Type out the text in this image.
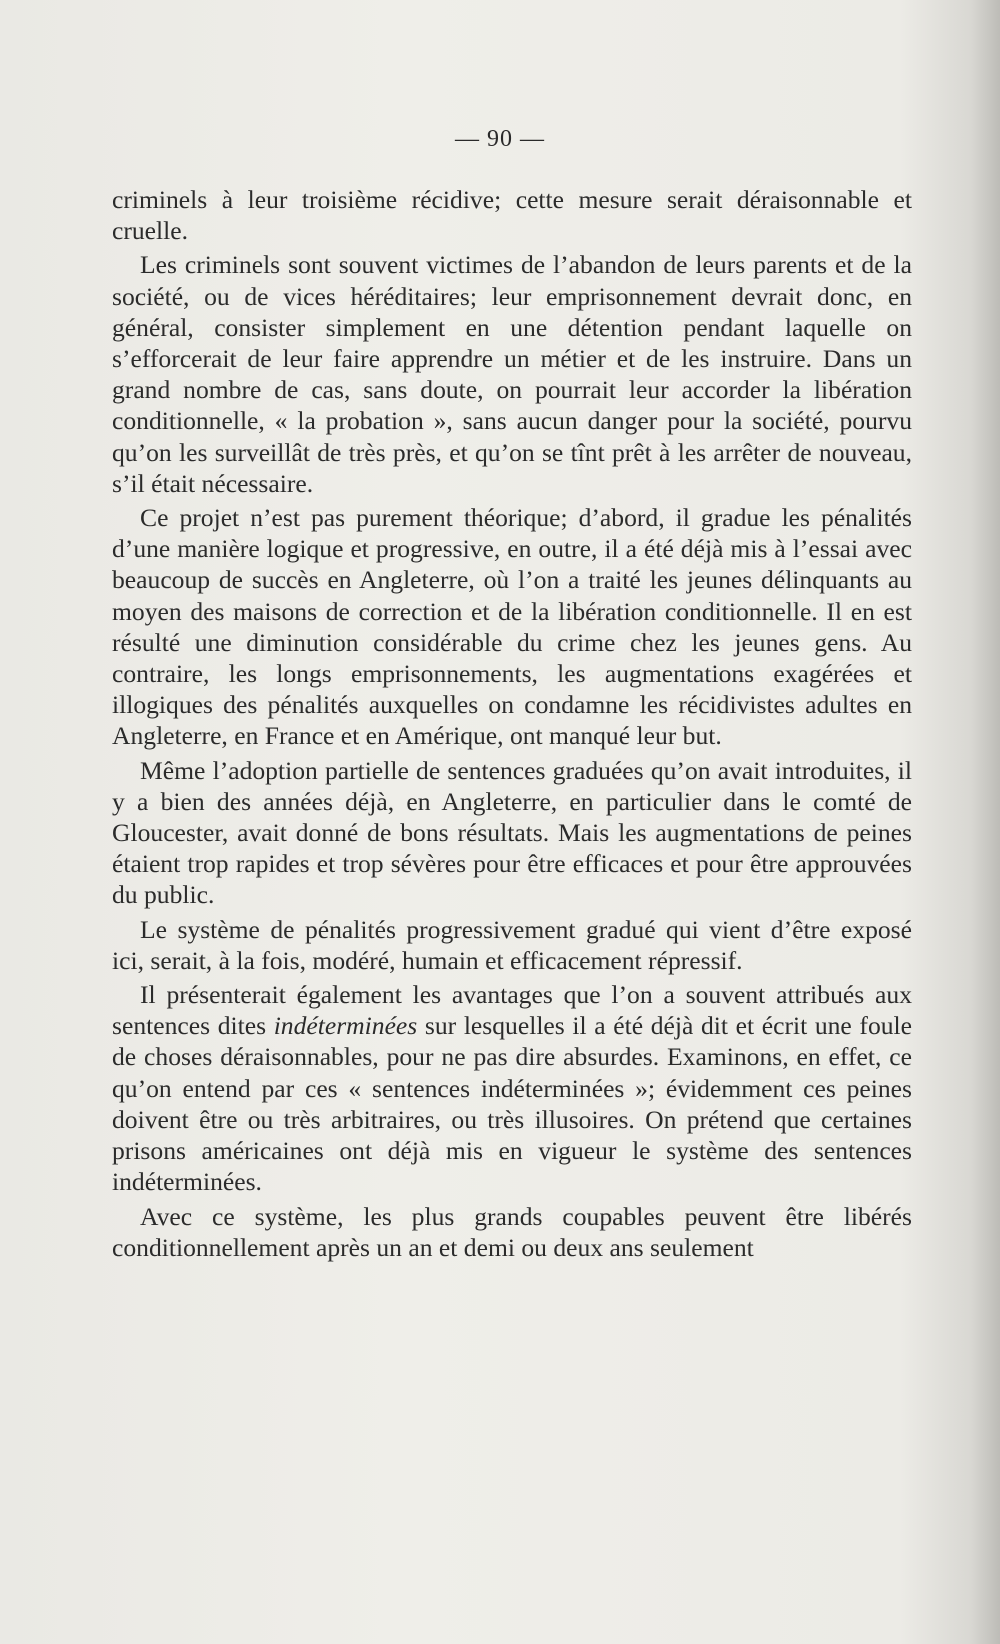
— 90 —

criminels à leur troisième récidive; cette mesure serait déraisonnable et cruelle.

Les criminels sont souvent victimes de l’abandon de leurs parents et de la société, ou de vices héréditaires; leur emprisonnement devrait donc, en général, consister simplement en une détention pendant laquelle on s’efforcerait de leur faire apprendre un métier et de les instruire. Dans un grand nombre de cas, sans doute, on pourrait leur accorder la libération conditionnelle, « la probation », sans aucun danger pour la société, pourvu qu’on les surveillât de très près, et qu’on se tînt prêt à les arrêter de nouveau, s’il était nécessaire.

Ce projet n’est pas purement théorique; d’abord, il gradue les pénalités d’une manière logique et progressive, en outre, il a été déjà mis à l’essai avec beaucoup de succès en Angleterre, où l’on a traité les jeunes délinquants au moyen des maisons de correction et de la libération conditionnelle. Il en est résulté une diminution considérable du crime chez les jeunes gens. Au contraire, les longs emprisonnements, les augmentations exagérées et illogiques des pénalités auxquelles on condamne les récidivistes adultes en Angleterre, en France et en Amérique, ont manqué leur but.

Même l’adoption partielle de sentences graduées qu’on avait introduites, il y a bien des années déjà, en Angleterre, en particulier dans le comté de Gloucester, avait donné de bons résultats. Mais les augmentations de peines étaient trop rapides et trop sévères pour être efficaces et pour être approuvées du public.

Le système de pénalités progressivement gradué qui vient d’être exposé ici, serait, à la fois, modéré, humain et efficacement répressif.

Il présenterait également les avantages que l’on a souvent attribués aux sentences dites indéterminées sur lesquelles il a été déjà dit et écrit une foule de choses déraisonnables, pour ne pas dire absurdes. Examinons, en effet, ce qu’on entend par ces « sentences indéterminées »; évidemment ces peines doivent être ou très arbitraires, ou très illusoires. On prétend que certaines prisons américaines ont déjà mis en vigueur le système des sentences indéterminées.

Avec ce système, les plus grands coupables peuvent être libérés conditionnellement après un an et demi ou deux ans seulement
